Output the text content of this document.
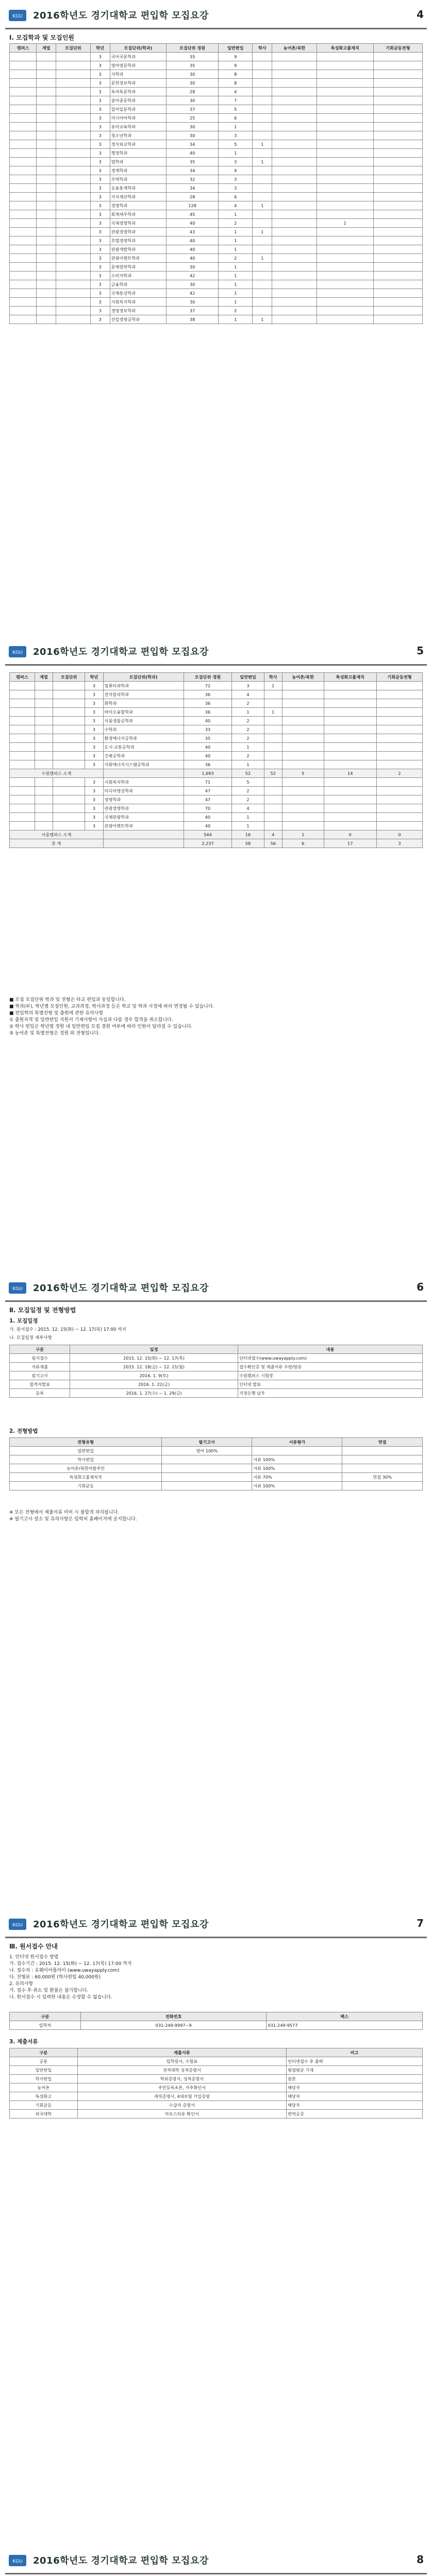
KGU 2016학년도 경기대학교 편입학 모집요강	4
Ⅰ. 모집학과 및 모집인원
캠퍼스	계열	모집단위	학년	모집단위(학과)	모집단위 정원	일반편입	학사	농어촌/북한	특성화고졸재직	기회균등전형
			3	국어국문학과	35	9				
			3	영어영문학과	35	9				
			3	사학과	30	8				
			3	문헌정보학과	30	8				
			3	독어독문학과	28	4				
			3	중어중문학과	30	7				
			3	일어일문학과	37	5				
			3	러시아어학과	25	6				
			3	유아교육학과	30	1				
			3	청소년학과	30	3				
			3	정치외교학과	34	5	1			
			3	행정학과	40	1				
			3	법학과	35	3	1			
			3	경제학과	34	4				
			3	무역학과	32	3				
			3	응용통계학과	34	3				
			3	지식재산학과	28	6				
			3	경영학과	128	4	1			
			3	회계세무학과	45	1				
			3	국제경영학과	40	2			1	
			3	관광경영학과	43	1	1			
			3	호텔경영학과	40	1				
			3	관광개발학과	40	1				
			3	관광이벤트학과	40	2	1			
			3	문예창작학과	30	1				
			3	소비자학과	42	1				
			3	금융학과	30	1				
			3	국제통상학과	42	1				
			3	사회복지학과	30	1				
			3	경영정보학과	37	2				
			3	산업경영공학과	38	1	1			
KGU 2016학년도 경기대학교 편입학 모집요강	5
캠퍼스	계열	모집단위	학년	모집단위(학과)	모집단위 정원	일반편입	학사	농어촌/북한	특성화고졸재직	기회균등전형
			3	컴퓨터과학과	72	3	1			
			3	전자물리학과	36	4				
			3	화학과	36	2				
			3	바이오융합학과	36	1	1			
			3	식품생물공학과	40	2				
			3	수학과	33	2				
			3	환경에너지공학과	35	2				
			3	도시·교통공학과	40	1				
			3	건축공학과	40	2				
			3	사회에너지시스템공학과	36	1				
수원캠퍼스 소계					1,693	52	52	5	14	2
			3	사회복지학과	71	5				
			3	미디어영상학과	47	2				
			3	경영학과	47	2				
			3	관광경영학과	70	4				
			3	국제관광학과	40	1				
			3	관광이벤트학과	40	1				
서울캠퍼스 소계					544	16	4	1	0	0
총 계					2,237	58	56	6	17	3

■ 모집 모집단위 학과 및 전형은 타교 편입과 동일합니다.

■ 학과(부), 학년별 모집인원, 교과과정, 학사과정 등은 학교 및 학과 사정에 따라 변경될 수 있습니다.

■ 편입학의 특별전형 및 출원에 관한 유의사항

① 출원자격 및 일반편입 지원서 기재사항이 사실과 다를 경우 합격을 취소합니다.

② 학사 편입은 학년별 정원 내 일반편입 모집 결원 여부에 따라 인원이 달라질 수 있습니다.

③ 농어촌 및 특별전형은 정원 외 전형입니다.

KGU 2016학년도 경기대학교 편입학 모집요강	6
Ⅱ. 모집일정 및 전형방법
1. 모집일정
가. 원서접수 : 2015. 12. 15(화) ~ 12. 17(목) 17:00 까지
나. 모집일정 세부사항
구분	일정	내용
원서접수	2015. 12. 15(화) ~ 12. 17(목)	인터넷접수(www.uwayapply.com)
서류제출	2015. 12. 18(금) ~ 12. 21(월)	접수확인증 및 제출서류 우편/방문
필기고사	2016. 1. 9(토)	수원캠퍼스 시험장
합격자발표	2016. 1. 22(금)	인터넷 발표
등록	2016. 1. 27(수) ~ 1. 29(금)	지정은행 납부
2. 전형방법
전형유형	필기고사	서류평가	면접
일반편입	영어 100%		
학사편입		서류 100%	
농어촌/북한이탈주민		서류 100%	
특성화고졸재직자		서류 70%	면접 30%
기회균등		서류 100%	

※ 모든 전형에서 제출서류 미비 시 불합격 처리됩니다.

※ 필기고사 장소 및 유의사항은 입학처 홈페이지에 공지합니다.

KGU 2016학년도 경기대학교 편입학 모집요강	7
Ⅲ. 원서접수 안내

1. 인터넷 원서접수 방법

가. 접수기간 : 2015. 12. 15(화) ~ 12. 17(목) 17:00 까지

나. 접수처 : 유웨이어플라이 (www.uwayapply.com)

다. 전형료 : 60,000원 (학사편입 40,000원)

2. 유의사항

가. 접수 후 취소 및 환불은 불가합니다.

나. 원서접수 시 입력한 내용은 수정할 수 없습니다.

구분	전화번호	팩스
입학처	031-249-9997~9	031-249-9577
3. 제출서류
구분	제출서류	비고
공통	입학원서, 수험표	인터넷접수 후 출력
일반편입	전적대학 성적증명서	평점평균 기재
학사편입	학위증명서, 성적증명서	원본
농어촌	주민등록초본, 거주확인서	해당자
특성화고	재직증명서, 4대보험 가입증명	해당자
기회균등	수급자 증명서	해당자
외국대학	아포스티유 확인서	번역공증
KGU 2016학년도 경기대학교 편입학 모집요강	8
